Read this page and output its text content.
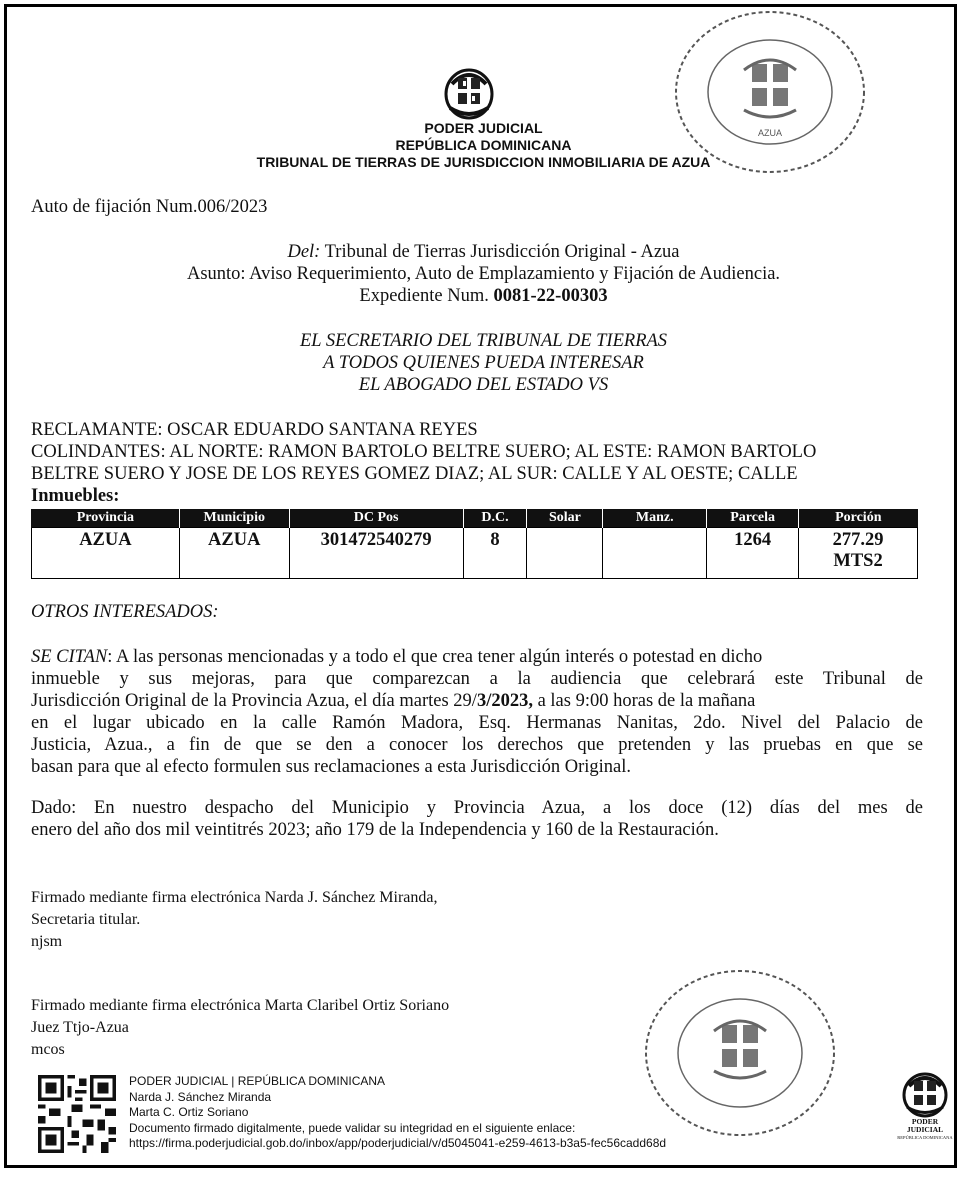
PODER JUDICIAL
REPÚBLICA DOMINICANA
TRIBUNAL DE TIERRAS DE JURISDICCION INMOBILIARIA DE AZUA
AZUA
Auto de fijación Num.006/2023
Del: Tribunal de Tierras Jurisdicción Original - Azua
Asunto: Aviso Requerimiento, Auto de Emplazamiento y Fijación de Audiencia.
Expediente Num. 0081-22-00303
EL SECRETARIO DEL TRIBUNAL DE TIERRAS
A TODOS QUIENES PUEDA INTERESAR
EL ABOGADO DEL ESTADO VS
RECLAMANTE: OSCAR EDUARDO SANTANA REYES
COLINDANTES: AL NORTE: RAMON BARTOLO BELTRE SUERO; AL ESTE: RAMON BARTOLO
BELTRE SUERO Y JOSE DE LOS REYES GOMEZ DIAZ; AL SUR: CALLE Y AL OESTE; CALLE
Inmuebles:
Provincia	Municipio	DC Pos	D.C.	Solar	Manz.	Parcela	Porción
AZUA	AZUA	301472540279	8			1264	277.29
MTS2
OTROS INTERESADOS:
SE CITAN: A las personas mencionadas y a todo el que crea tener algún interés o potestad en dicho
inmueble y sus mejoras, para que comparezcan a la audiencia que celebrará este Tribunal de
Jurisdicción Original de la Provincia Azua, el día martes 29/3/2023, a las 9:00 horas de la mañana
en el lugar ubicado en la calle Ramón Madora, Esq. Hermanas Nanitas, 2do. Nivel del Palacio de
Justicia, Azua., a fin de que se den a conocer los derechos que pretenden y las pruebas en que se
basan para que al efecto formulen sus reclamaciones a esta Jurisdicción Original.
Dado: En nuestro despacho del Municipio y Provincia Azua, a los doce (12) días del mes de
enero del año dos mil veintitrés 2023; año 179 de la Independencia y 160 de la Restauración.
Firmado mediante firma electrónica Narda J. Sánchez Miranda,
Secretaria titular.
njsm
Firmado mediante firma electrónica Marta Claribel Ortiz Soriano
Juez Ttjo-Azua
mcos
PODER JUDICIAL | REPÚBLICA DOMINICANA
Narda J. Sánchez Miranda
Marta C. Ortiz Soriano
Documento firmado digitalmente, puede validar su integridad en el siguiente enlace:
https://firma.poderjudicial.gob.do/inbox/app/poderjudicial/v/d5045041-e259-4613-b3a5-fec56cadd68d
PODER JUDICIAL
REPÚBLICA DOMINICANA
